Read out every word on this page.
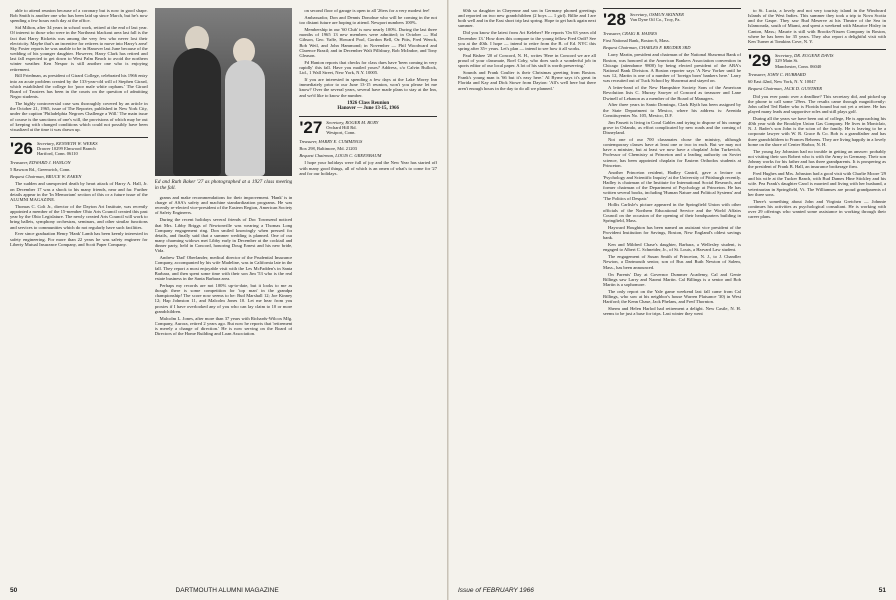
able to attend reunion because of a coronary but is now in good shape. Bob Smith is another one who has been laid up since March, but he's now spending a few hours each day at the office.

Sid Milton, after 34 years in school work, retired at the end of last year. Of interest to those who were in the Northeast blackout area last fall is the fact that Harry Ricketts was among the very few who never lost their electricity. Maybe that's an incentive for retirees to move into Harry's area! Sky Foster reports he was unable to be in Hanover last June because of the wedding of his younger daughter. However, Harry Clark has retired and last fall expected to get down to West Palm Beach to avoid the northern winter weather. Ken Nespor is still another one who is enjoying retirement.

Bill Friedman, as president of Girard College, celebrated his 1966 entry into an acute problem created by the 133-year-old will of Stephen Girard, which established the college for 'poor male white orphans.' The Girard Board of Trustees has been in the courts on the question of admitting Negro students.

The highly controversial case was thoroughly covered by an article in the October 21, 1965, issue of The Reporter, published in New York City, under the caption 'Philadelphia Negroes Challenge a Will.' The main issue of course is the sanctions of one's will, the provisions of which may be out of keeping with changed conditions which could not possibly have been visualized at the time it was drawn up.

'26 Secretary, KENNETH W. WEEKS
Drawer 10299 Elmwood Branch
Hartford, Conn. 06110
Treasurer, EDWARD J. HANLON
5 Rawson Rd., Greenwich, Conn.
Bequest Chairman, BRUCE W. EAKEN

The sudden and unexpected death by heart attack of Harry A. Hall, Jr. on December 17 was a shock to his many friends, near and far. Further details appear in the 'In Memoriam' section of this or a future issue of the ALUMNI MAGAZINE.

Thomas C. Colt Jr., director of the Dayton Art Institute, was recently appointed a member of the 15-member Ohio Arts Council created this past year by the Ohio Legislature. The newly created Arts Council will work to bring ballets, symphony orchestras, seminars, and other similar functions and services to communities which do not regularly have such facilities.

Ever since graduation Henry 'Hank' Lamb has been keenly interested in safety engineering. For more than 22 years he was safety engineer for Liberty Mutual Insurance Company, and Scott Paper Company.

Ed and Ruth Baker '27 as photographed at a 1927 class meeting in the fall.

grams and make recommendations for their improvement. 'Hank' is in charge of ASA's safety and machine standardization programs. He was recently re-elected vice-president of the Eastern Region, American Society of Safety Engineers.

During the recent holidays several friends of Doc Townsend noticed that Mrs. Libby Briggs of Newtonville was wearing a Thomas Long Company engagement ring. Don smiled knowingly when pressed for details, and finally said that a summer wedding is planned. One of our many charming widows met Libby early in December at the cocktail and dinner party, held in Concord, honoring Doug Ernest and his new bride, Vida.

Andrew 'Dad' Oberlander, medical director of the Prudential Insurance Company, accompanied by his wife Madeline, was in California late in the fall. They report a most enjoyable visit with the Les McFadden's in Santa Barbara, and then spent some time with their son Jim '53 who is the real estate business in the Santa Barbara area.

Perhaps my records are not 100% up-to-date, but it looks to me as though there is some competition for 'top man' in the grandpa championship! The score now seems to be: Bud Marshall 12; Joe Kinney 12; Hap Johnston 11, and Malcolm Jones 10. Let me hear from you proxies if I have overlooked any of you who can lay claim to 10 or more grandchildren.

Malcolm L. Jones, after more than 37 years with Richards-Wilcox Mfg. Company, Aurora, retired 2 years ago. But now he reports that 'retirement is merely a change of direction.' He is now serving on the Board of Directors of the Home Building and Loan Association.

on second floor of garage is open to all '26ers for a very modest fee!

Ambassador, Don and Dennis Donohue who will be coming in the not too distant future are hoping to attend. Newport numbers 100%.

Membership in our '60 Club' is now nearly 100%. During the last three months of 1965 13 new members were admitted; in October — Hal Gibson, Geo. Yaffe, Howard Pool, Gordon Bell, Oz Pitts, Fred Wenck, Bob Weil, and John Hammond; in November — Phil Woodward and Clarence Brazil; and in December Walt Pillsbury, Bob McIndoe, and Tony Gleason.

Fd Hanion reports that checks for class dues have 'been coming in very rapidly' this fall. Have you mailed yours? Address, c/o Calvin Bullock, Ltd., 1 Wall Street, New York, N.Y. 10005.

If you are interested in spending a few days at the Lake Morey Inn immediately prior to our June 13-15 reunion, won't you please let me know? Over the several years, several have made plans to stay at the Inn, and we'd like to know the number.

1926 Class Reunion
Hanover — June 13-15, 1966
'27 Secretary, ROGER M. BURY
Orchard Hill Rd.
Westport, Conn.
Treasurer, HARRY E. CUMMINGS
Box 298, Baltimore, Md. 21203
Bequest Chairman, LOUIS C. GREENBAUM

I hope your holidays were full of joy and the New Year has started off with many good things, all of which is an omen of what's to come for '27 and for our holidays.

50	DARTMOUTH ALUMNI MAGAZINE

60th so daughter in Cheyenne and son in Germany phoned greetings and reported on two new grandchildren (2 boys — 1 girl). Billie and I are both well and in the East short trip last spring. Hope to get back again next summer.

Did you know the latest from Art Keleher? He reports 'On 63 years old December 13.' How does this compare to the young fellow Fred Ordf? See you at the 40th. I hope — intend to retire from the B. of Ed. NYC this spring after 35+ years. Let's plan — intend to see how it all works.

Paul Bisbee '20 of Concord, N. H., writes 'Here in Concord we are all proud of your classmate, Roel Coby, who does such a wonderful job in sports editor of our local paper. A lot of his stuff is worth preserving.'

Sounds and Frank Coulter is their Christmas greeting from Boston. Frank's young man is '66 but it's easy here.' Al Byrne says it's great in Florida and Kay and Dick Stowe from Dayton: 'All's well here but there aren't enough hours in the day to do all we planned.'

'28 Secretary, OSMUN SKINNER
Van Dyne Oil Co., Troy, Pa.
Treasurer, CRAIG B. HAINES
First National Bank, Boston 6, Mass.
Bequest Chairman, CHARLES F. BRUDER 3RD

Larry Martin, president and chairman of the National Shawmut Bank of Boston, was honored at the American Bankers Association convention in Chicago (attendance 9800) by being elected president of the ABA's National Bank Division. A Boston reporter says 'A New Yorker until he was 12, Martin is one of a number of 'foreign born' bankers here.' Larry was recruited out of Tuck School by Shawmut and stayed on.

A letter-head of the New Hampshire Society Sons of the American Revolution lists C. Murray Sawyer of Concord as treasurer and Lane Dwinell of Lebanon as a member of the Board of Managers.

After three years in Santo Domingo, Clark Blyth has been assigned by the State Department to Mexico, where his address is: Avenida Constituyentes No. 105, Mexico, D.F.

Jim Fassett is living in Coral Gables and trying to dispose of his orange grove in Orlando, as effort complicated by new roads and the coming of Disneyland.

Not one of our 700 classmates chose the ministry, although contemporary classes have at least one or two in each. But we may not have a minister, but at least we now have a chaplain! John Turkevich, Professor of Chemistry at Princeton and a leading authority on Soviet science, has been appointed chaplain for Eastern Orthodox students at Princeton.

Another Princeton resident, Hadley Cantril, gave a lecture on 'Psychology and Scientific Inquiry' at the University of Pittsburgh recently. Hadley is chairman of the Institute for International Social Research, and former chairman of the Department of Psychology at Princeton. He has written several books, including 'Human Nature and Political Systems' and 'The Politics of Despair.'

Hollis Carlisle's picture appeared in the Springfield Union with other officials of the Northern Educational Service and the World Affairs Council on the occasion of the opening of their headquarters building in Springfield, Mass.

Hayward Houghton has been named an assistant vice president of the Provident Institution for Savings, Boston, New England's oldest savings bank.

Ken and Mildred Chase's daughter, Barbara, a Wellesley student, is engaged to Albert C. Schneider, Jr., of St. Louis, a Harvard Law student.

The engagement of Susan Smith of Princeton, N. J., to J. Chandler Newton, a Dartmouth senior, son of Bus and Ruth Newton of Salem, Mass., has been announced.

On Parents' Day at Governor Dummer Academy, Cal and Genie Billings saw Larry and Naomi Martin. Cal Billings is a senior and Bob Martin is a sophomore.

The only report on the Yale game weekend last fall came from Cal Billings, who saw at his neighbor's house Warren Plaisance '30) in West Hartford; the Kenn Chase, Jack Phelans, and Fred Thornton.

Sherm and Helen Harlod had retirement a delight. New Castle, N. H. seems to be just a base for trips. Last winter they went

to St. Lucia, a lovely and not very touristy island in the Windward Islands of the West Indies. This summer they took a trip to Nova Scotia and the Gaspe. They saw Bud Meserve at his Theatre of the Sea in Islamorada, south of Miami, and spent a weekend with Maurice Hisley in Canton, Mass.; Maurie is still with Brooks-Nissen Company in Boston, where he has been for 35 years. They also report a delightful visit with Ken Turner at Tomkins Cove, N. Y.

'29 Secretary, DR. EUGENE DAVIS
329 Main St.
Manchester, Conn. 06040
Treasurer, JOHN C. HUBBARD
60 East 42nd, New York, N. Y. 10047
Bequest Chairman, JACK D. GUNTHER

Did you ever panic over a deadline? This secretary did, and picked up the phone to call some '29ers. The results came through magnificently: John called Ted Bader who is Florida bound but not yet a retiree. He has played many leads and supportive roles and still plays golf.

During all the years we have been out of college, He is approaching his 40th year with the Brooklyn Union Gas Company. He lives in Montclair, N. J. Bader's son John is the scion of the family. He is leaving to be a corporate lawyer with W. R. Grace & Co. Bob is a grandfather and has three grandchildren to Frances Behrens. They are living happily in a lovely home on the shore of Center Harbor, N. H.

The young Jay Johnston had no trouble in getting an answer: probably not visiting their son Robert who is with the Army in Germany. Their son Johnny works for his father and has three grandparents. It is prospering as the president of Frank B. Hall, an insurance brokerage firm.

Fred Hughes and Mrs. Johnston had a good visit with Charlie Moore '29 and his wife at the Tucker Ranch, with Bud Dames Hine Stickley and his wife. Pea Frank's daughter Carol is married and living with her husband, a veterinarian in Springfield, Vt. The Williamses are proud grandparents of her three sons.

There's something about John and Virginia Gretchen — Johnnie continues his activities as psychological consultant. He is working with over 29 offerings who wanted some assistance in working through their career plans.

Issue of FEBRUARY 1966	51
